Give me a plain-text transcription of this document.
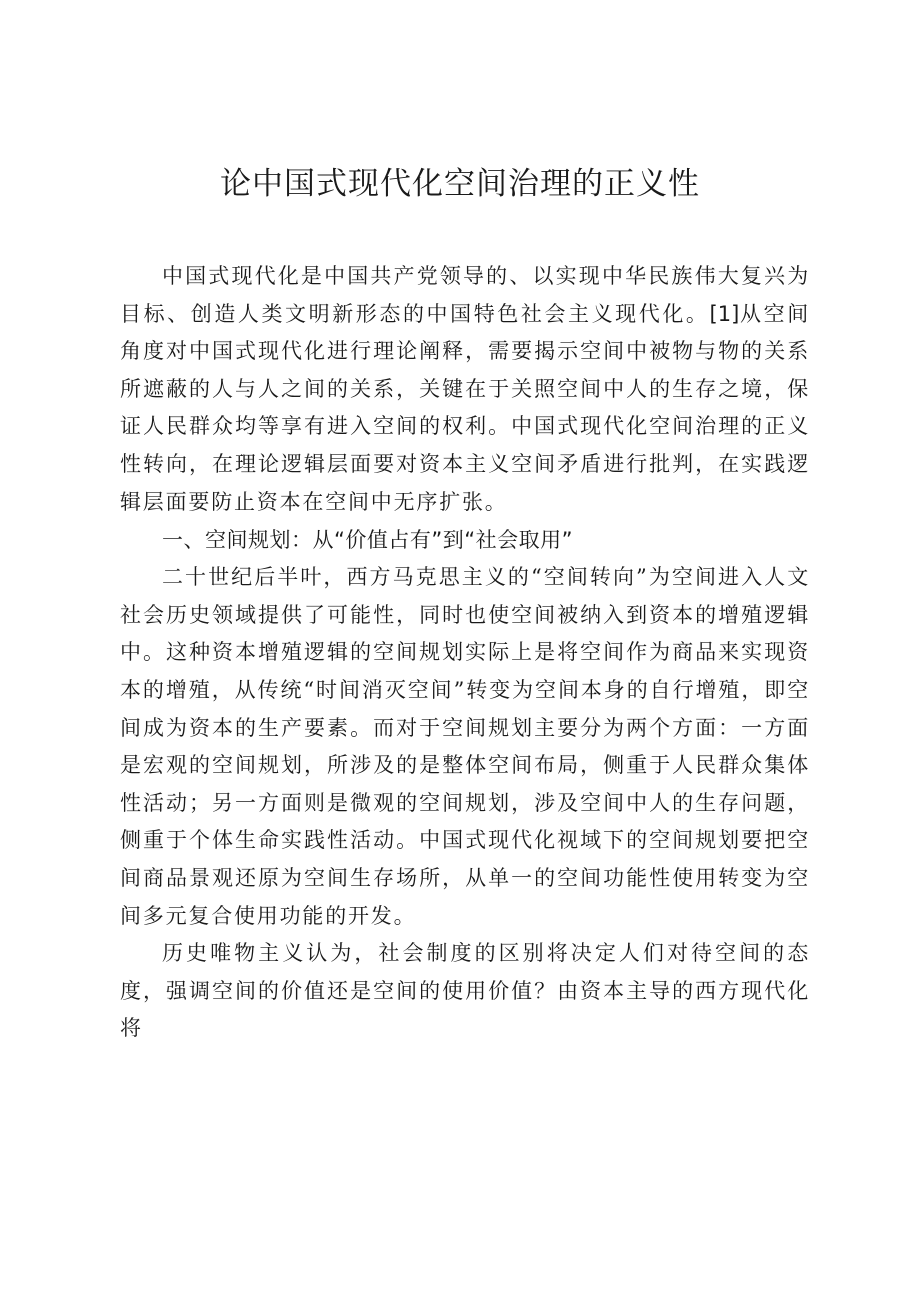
论中国式现代化空间治理的正义性

中国式现代化是中国共产党领导的、以实现中华民族伟大复兴为目标、创造人类文明新形态的中国特色社会主义现代化。[1]从空间角度对中国式现代化进行理论阐释，需要揭示空间中被物与物的关系所遮蔽的人与人之间的关系，关键在于关照空间中人的生存之境，保证人民群众均等享有进入空间的权利。中国式现代化空间治理的正义性转向，在理论逻辑层面要对资本主义空间矛盾进行批判，在实践逻辑层面要防止资本在空间中无序扩张。

一、空间规划：从“价值占有”到“社会取用”

二十世纪后半叶，西方马克思主义的“空间转向”为空间进入人文社会历史领域提供了可能性，同时也使空间被纳入到资本的增殖逻辑中。这种资本增殖逻辑的空间规划实际上是将空间作为商品来实现资本的增殖，从传统“时间消灭空间”转变为空间本身的自行增殖，即空间成为资本的生产要素。而对于空间规划主要分为两个方面：一方面是宏观的空间规划，所涉及的是整体空间布局，侧重于人民群众集体性活动；另一方面则是微观的空间规划，涉及空间中人的生存问题，侧重于个体生命实践性活动。中国式现代化视域下的空间规划要把空间商品景观还原为空间生存场所，从单一的空间功能性使用转变为空间多元复合使用功能的开发。

历史唯物主义认为，社会制度的区别将决定人们对待空间的态度，强调空间的价值还是空间的使用价值？由资本主导的西方现代化将
